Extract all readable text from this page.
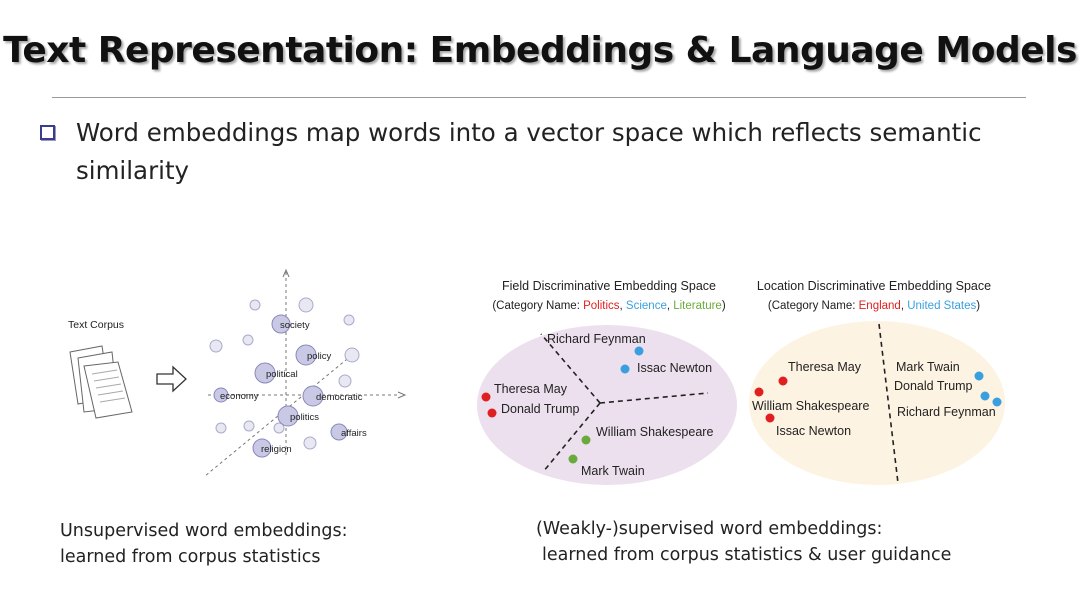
Text Representation: Embeddings & Language Models
Word embeddings map words into a vector space which reflects semantic similarity
Text Corpus	society
policy
political
economy	democratic
politics
affairs
religion
Field Discriminative Embedding Space
(Category Name: Politics, Science, Literature)
Richard Feynman
Issac Newton
Theresa May
Donald Trump
William Shakespeare
Mark Twain
Location Discriminative Embedding Space
(Category Name: England, United States)
Theresa May
William Shakespeare
Issac Newton
Mark Twain
Donald Trump
Richard Feynman
Unsupervised word embeddings:
learned from corpus statistics
(Weakly-)supervised word embeddings:
learned from corpus statistics & user guidance
